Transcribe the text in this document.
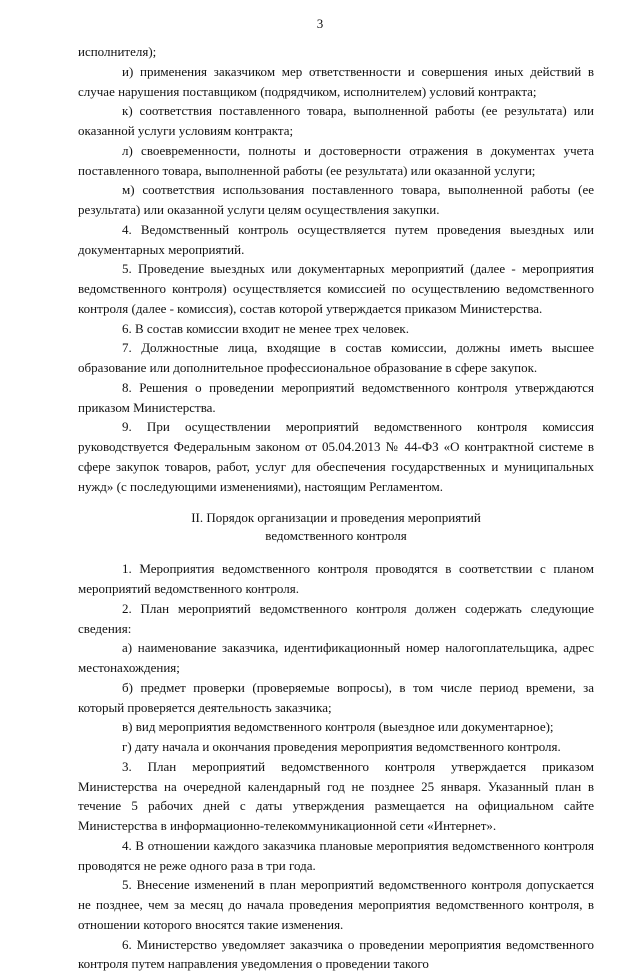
3

исполнителя);

и) применения заказчиком мер ответственности и совершения иных действий в случае нарушения поставщиком (подрядчиком, исполнителем) условий контракта;

к) соответствия поставленного товара, выполненной работы (ее результата) или оказанной услуги условиям контракта;

л) своевременности, полноты и достоверности отражения в документах учета поставленного товара, выполненной работы (ее результата) или оказанной услуги;

м) соответствия использования поставленного товара, выполненной работы (ее результата) или оказанной услуги целям осуществления закупки.

4. Ведомственный контроль осуществляется путем проведения выездных или документарных мероприятий.

5. Проведение выездных или документарных мероприятий (далее - мероприятия ведомственного контроля) осуществляется комиссией по осуществлению ведомственного контроля (далее - комиссия), состав которой утверждается приказом Министерства.

6. В состав комиссии входит не менее трех человек.

7. Должностные лица, входящие в состав комиссии, должны иметь высшее образование или дополнительное профессиональное образование в сфере закупок.

8. Решения о проведении мероприятий ведомственного контроля утверждаются приказом Министерства.

9. При осуществлении мероприятий ведомственного контроля комиссия руководствуется Федеральным законом от 05.04.2013 № 44-ФЗ «О контрактной системе в сфере закупок товаров, работ, услуг для обеспечения государственных и муниципальных нужд» (с последующими изменениями), настоящим Регламентом.

II. Порядок организации и проведения мероприятий
ведомственного контроля

1. Мероприятия ведомственного контроля проводятся в соответствии с планом мероприятий ведомственного контроля.

2. План мероприятий ведомственного контроля должен содержать следующие сведения:

а) наименование заказчика, идентификационный номер налогоплательщика, адрес местонахождения;

б) предмет проверки (проверяемые вопросы), в том числе период времени, за который проверяется деятельность заказчика;

в) вид мероприятия ведомственного контроля (выездное или документарное);

г) дату начала и окончания проведения мероприятия ведомственного контроля.

3. План мероприятий ведомственного контроля утверждается приказом Министерства на очередной календарный год не позднее 25 января. Указанный план в течение 5 рабочих дней с даты утверждения размещается на официальном сайте Министерства в информационно-телекоммуникационной сети «Интернет».

4. В отношении каждого заказчика плановые мероприятия ведомственного контроля проводятся не реже одного раза в три года.

5. Внесение изменений в план мероприятий ведомственного контроля допускается не позднее, чем за месяц до начала проведения мероприятия ведомственного контроля, в отношении которого вносятся такие изменения.

6. Министерство уведомляет заказчика о проведении мероприятия ведомственного контроля путем направления уведомления о проведении такого
